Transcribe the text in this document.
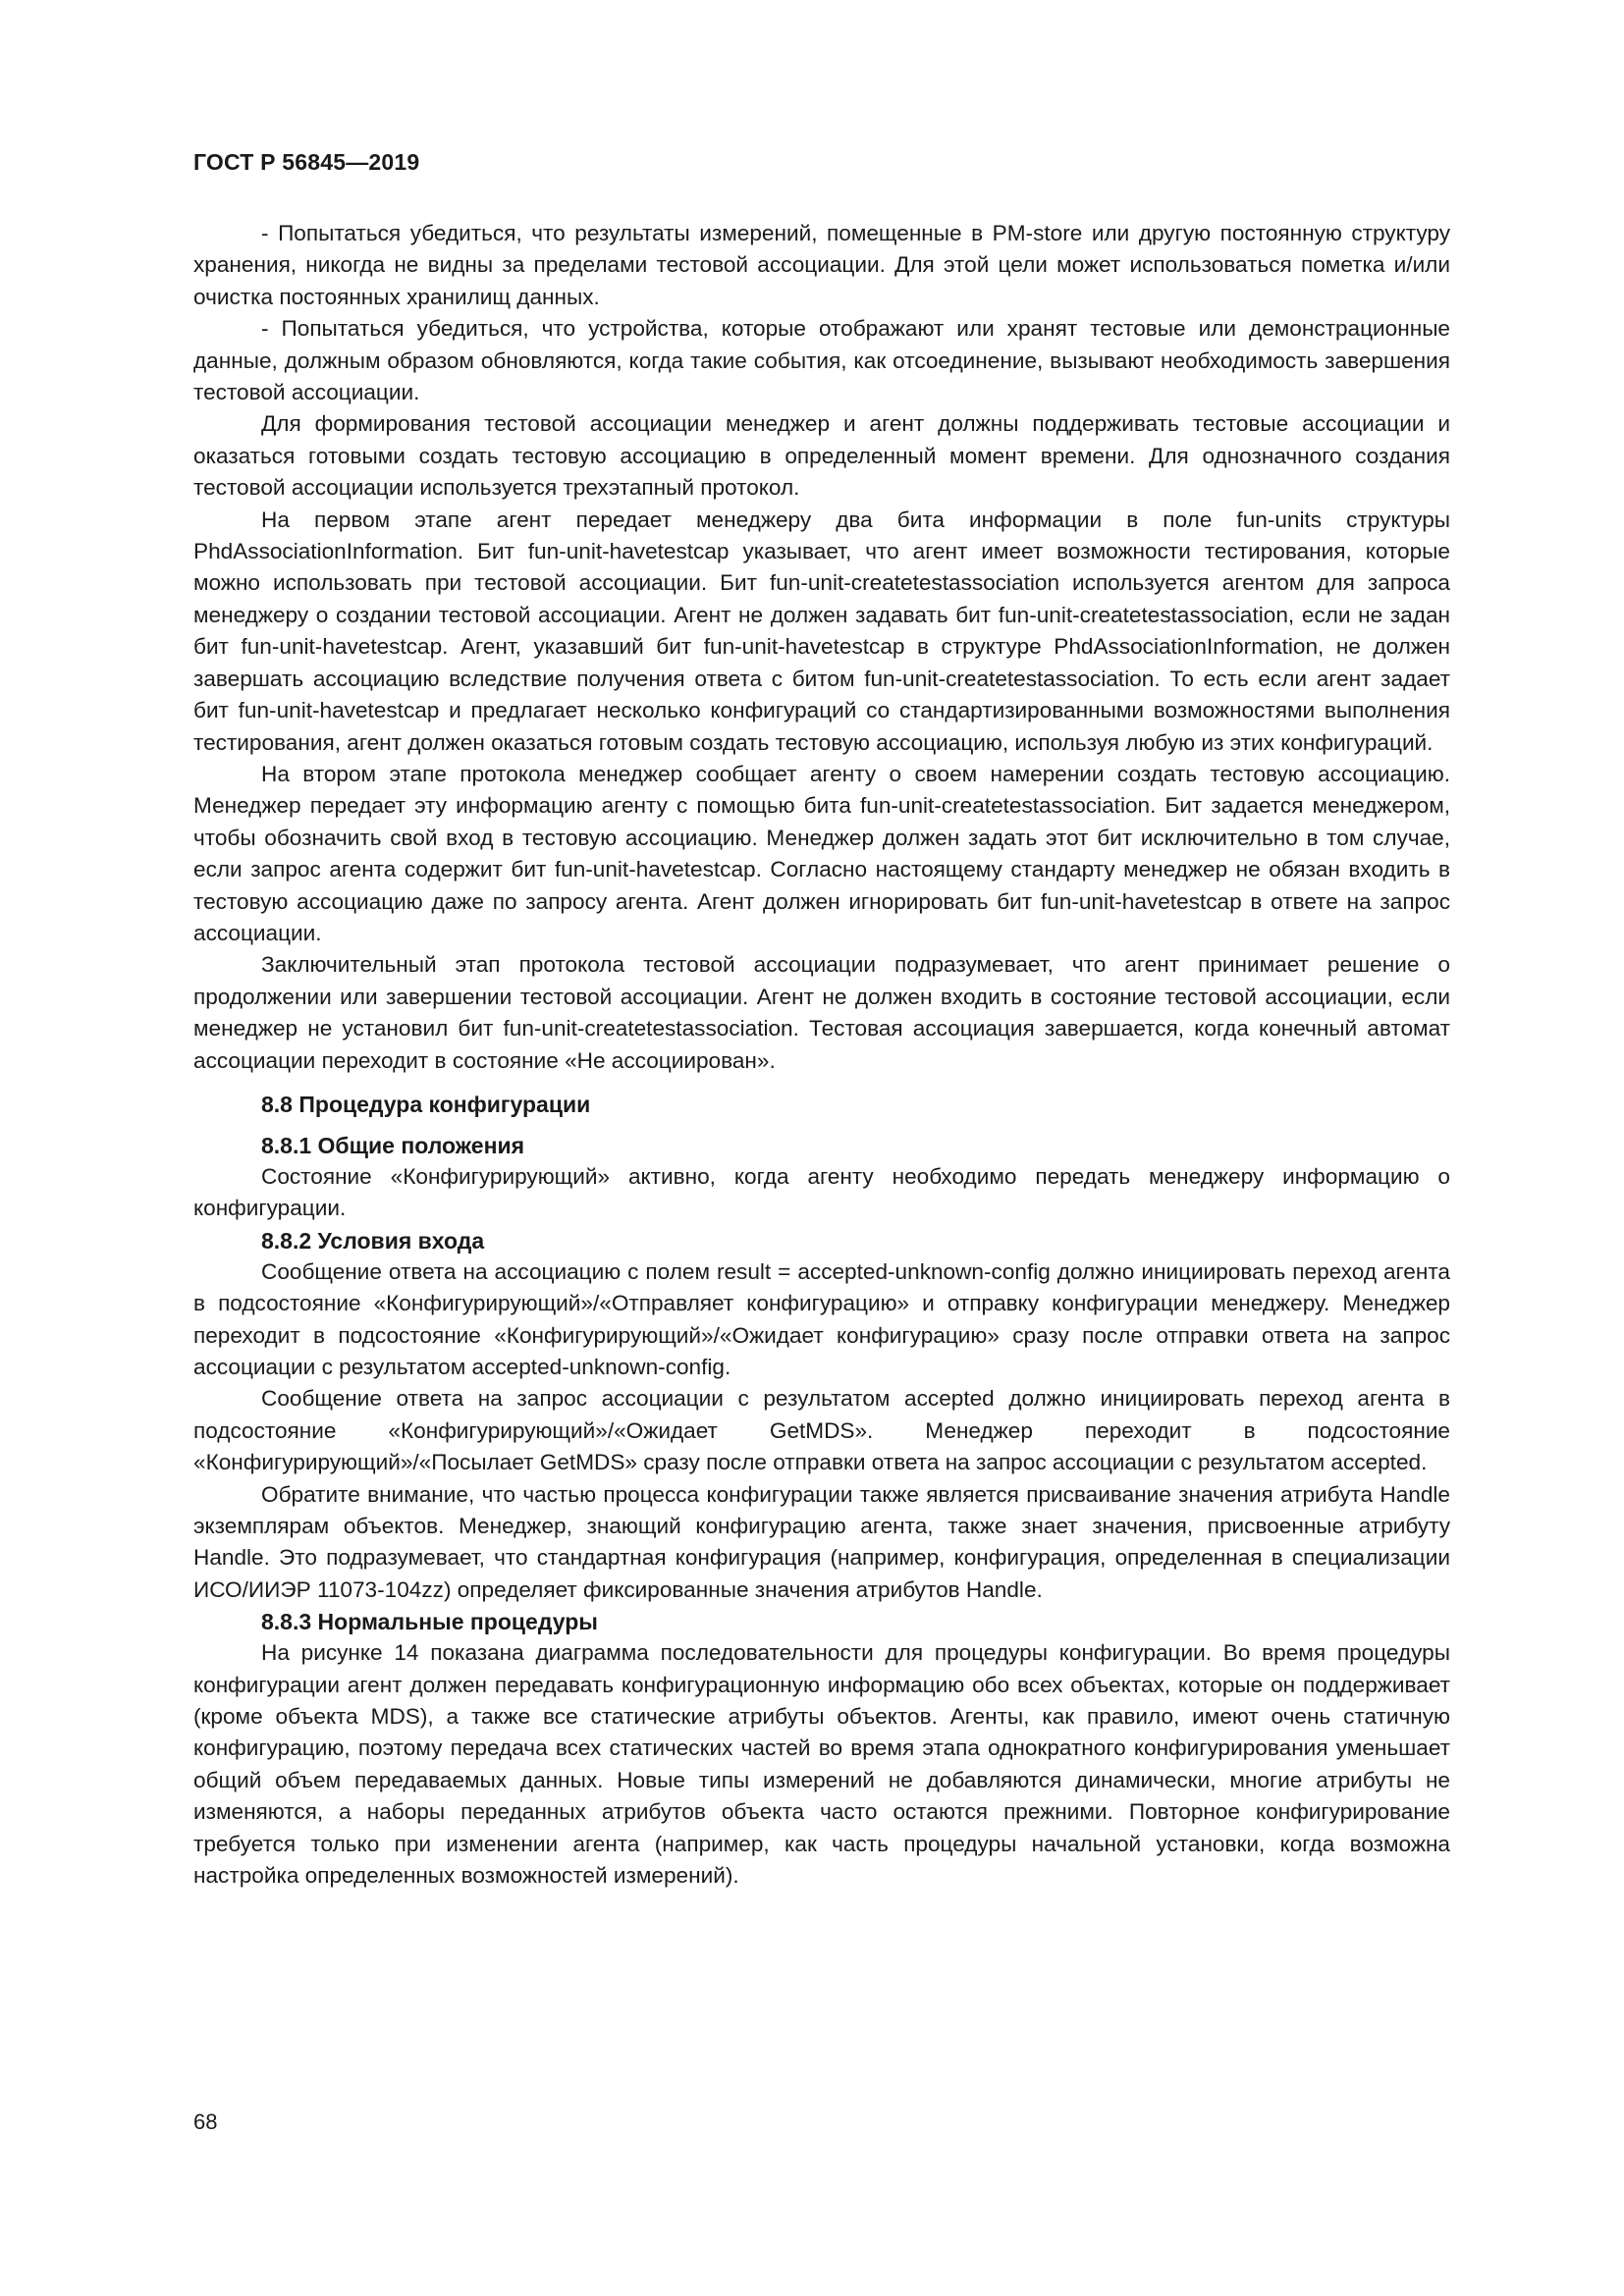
ГОСТ Р 56845—2019

- Попытаться убедиться, что результаты измерений, помещенные в PM-store или другую постоянную структуру хранения, никогда не видны за пределами тестовой ассоциации. Для этой цели может использоваться пометка и/или очистка постоянных хранилищ данных.

- Попытаться убедиться, что устройства, которые отображают или хранят тестовые или демонстрационные данные, должным образом обновляются, когда такие события, как отсоединение, вызывают необходимость завершения тестовой ассоциации.

Для формирования тестовой ассоциации менеджер и агент должны поддерживать тестовые ассоциации и оказаться готовыми создать тестовую ассоциацию в определенный момент времени. Для однозначного создания тестовой ассоциации используется трехэтапный протокол.

На первом этапе агент передает менеджеру два бита информации в поле fun-units структуры PhdAssociationInformation. Бит fun-unit-havetestcap указывает, что агент имеет возможности тестирования, которые можно использовать при тестовой ассоциации. Бит fun-unit-createtestassociation используется агентом для запроса менеджеру о создании тестовой ассоциации. Агент не должен задавать бит fun-unit-createtestassociation, если не задан бит fun-unit-havetestcap. Агент, указавший бит fun-unit-havetestcap в структуре PhdAssociationInformation, не должен завершать ассоциацию вследствие получения ответа с битом fun-unit-createtestassociation. То есть если агент задает бит fun-unit-havetestcap и предлагает несколько конфигураций со стандартизированными возможностями выполнения тестирования, агент должен оказаться готовым создать тестовую ассоциацию, используя любую из этих конфигураций.

На втором этапе протокола менеджер сообщает агенту о своем намерении создать тестовую ассоциацию. Менеджер передает эту информацию агенту с помощью бита fun-unit-createtestassociation. Бит задается менеджером, чтобы обозначить свой вход в тестовую ассоциацию. Менеджер должен задать этот бит исключительно в том случае, если запрос агента содержит бит fun-unit-havetestcap. Согласно настоящему стандарту менеджер не обязан входить в тестовую ассоциацию даже по запросу агента. Агент должен игнорировать бит fun-unit-havetestcap в ответе на запрос ассоциации.

Заключительный этап протокола тестовой ассоциации подразумевает, что агент принимает решение о продолжении или завершении тестовой ассоциации. Агент не должен входить в состояние тестовой ассоциации, если менеджер не установил бит fun-unit-createtestassociation. Тестовая ассоциация завершается, когда конечный автомат ассоциации переходит в состояние «Не ассоциирован».

8.8 Процедура конфигурации
8.8.1 Общие положения

Состояние «Конфигурирующий» активно, когда агенту необходимо передать менеджеру информацию о конфигурации.

8.8.2 Условия входа

Сообщение ответа на ассоциацию с полем result = accepted-unknown-config должно инициировать переход агента в подсостояние «Конфигурирующий»/«Отправляет конфигурацию» и отправку конфигурации менеджеру. Менеджер переходит в подсостояние «Конфигурирующий»/«Ожидает конфигурацию» сразу после отправки ответа на запрос ассоциации с результатом accepted-unknown-config.

Сообщение ответа на запрос ассоциации с результатом accepted должно инициировать переход агента в подсостояние «Конфигурирующий»/«Ожидает GetMDS». Менеджер переходит в подсостояние «Конфигурирующий»/«Посылает GetMDS» сразу после отправки ответа на запрос ассоциации с результатом accepted.

Обратите внимание, что частью процесса конфигурации также является присваивание значения атрибута Handle экземплярам объектов. Менеджер, знающий конфигурацию агента, также знает значения, присвоенные атрибуту Handle. Это подразумевает, что стандартная конфигурация (например, конфигурация, определенная в специализации ИСО/ИИЭР 11073-104zz) определяет фиксированные значения атрибутов Handle.

8.8.3 Нормальные процедуры

На рисунке 14 показана диаграмма последовательности для процедуры конфигурации. Во время процедуры конфигурации агент должен передавать конфигурационную информацию обо всех объектах, которые он поддерживает (кроме объекта MDS), а также все статические атрибуты объектов. Агенты, как правило, имеют очень статичную конфигурацию, поэтому передача всех статических частей во время этапа однократного конфигурирования уменьшает общий объем передаваемых данных. Новые типы измерений не добавляются динамически, многие атрибуты не изменяются, а наборы переданных атрибутов объекта часто остаются прежними. Повторное конфигурирование требуется только при изменении агента (например, как часть процедуры начальной установки, когда возможна настройка определенных возможностей измерений).

68
